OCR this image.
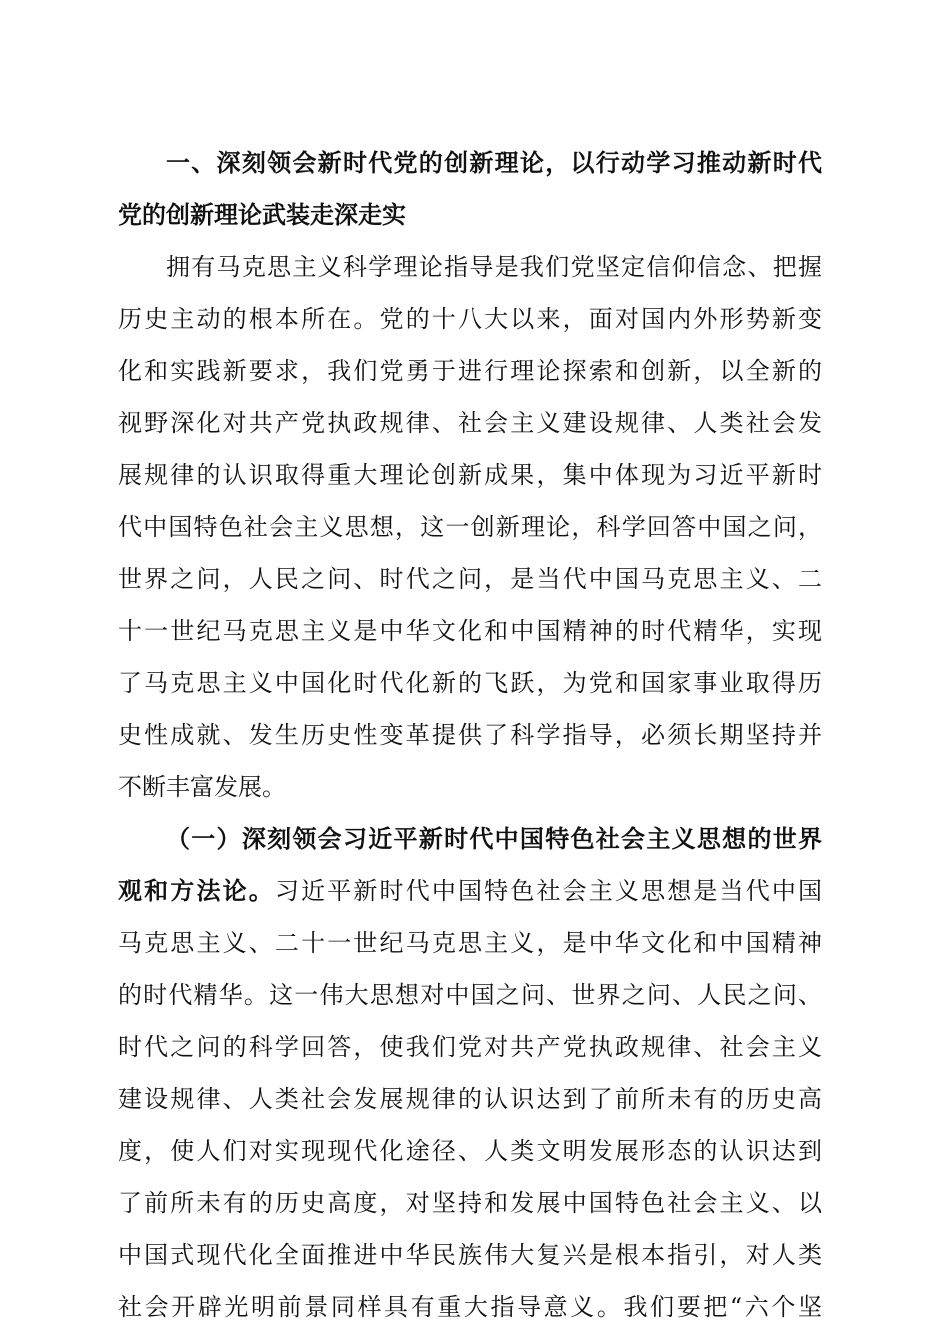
一、深刻领会新时代党的创新理论，以行动学习推动新时代
党的创新理论武装走深走实
拥有马克思主义科学理论指导是我们党坚定信仰信念、把握
历史主动的根本所在。党的十八大以来，面对国内外形势新变
化和实践新要求，我们党勇于进行理论探索和创新，以全新的
视野深化对共产党执政规律、社会主义建设规律、人类社会发
展规律的认识取得重大理论创新成果，集中体现为习近平新时
代中国特色社会主义思想，这一创新理论，科学回答中国之问，
世界之问，人民之问、时代之问，是当代中国马克思主义、二
十一世纪马克思主义是中华文化和中国精神的时代精华，实现
了马克思主义中国化时代化新的飞跃，为党和国家事业取得历
史性成就、发生历史性变革提供了科学指导，必须长期坚持并
不断丰富发展。
（一）深刻领会习近平新时代中国特色社会主义思想的世界
观和方法论。习近平新时代中国特色社会主义思想是当代中国
马克思主义、二十一世纪马克思主义，是中华文化和中国精神
的时代精华。这一伟大思想对中国之问、世界之问、人民之问、
时代之问的科学回答，使我们党对共产党执政规律、社会主义
建设规律、人类社会发展规律的认识达到了前所未有的历史高
度，使人们对实现现代化途径、人类文明发展形态的认识达到
了前所未有的历史高度，对坚持和发展中国特色社会主义、以
中国式现代化全面推进中华民族伟大复兴是根本指引，对人类
社会开辟光明前景同样具有重大指导意义。我们要把“六个坚
